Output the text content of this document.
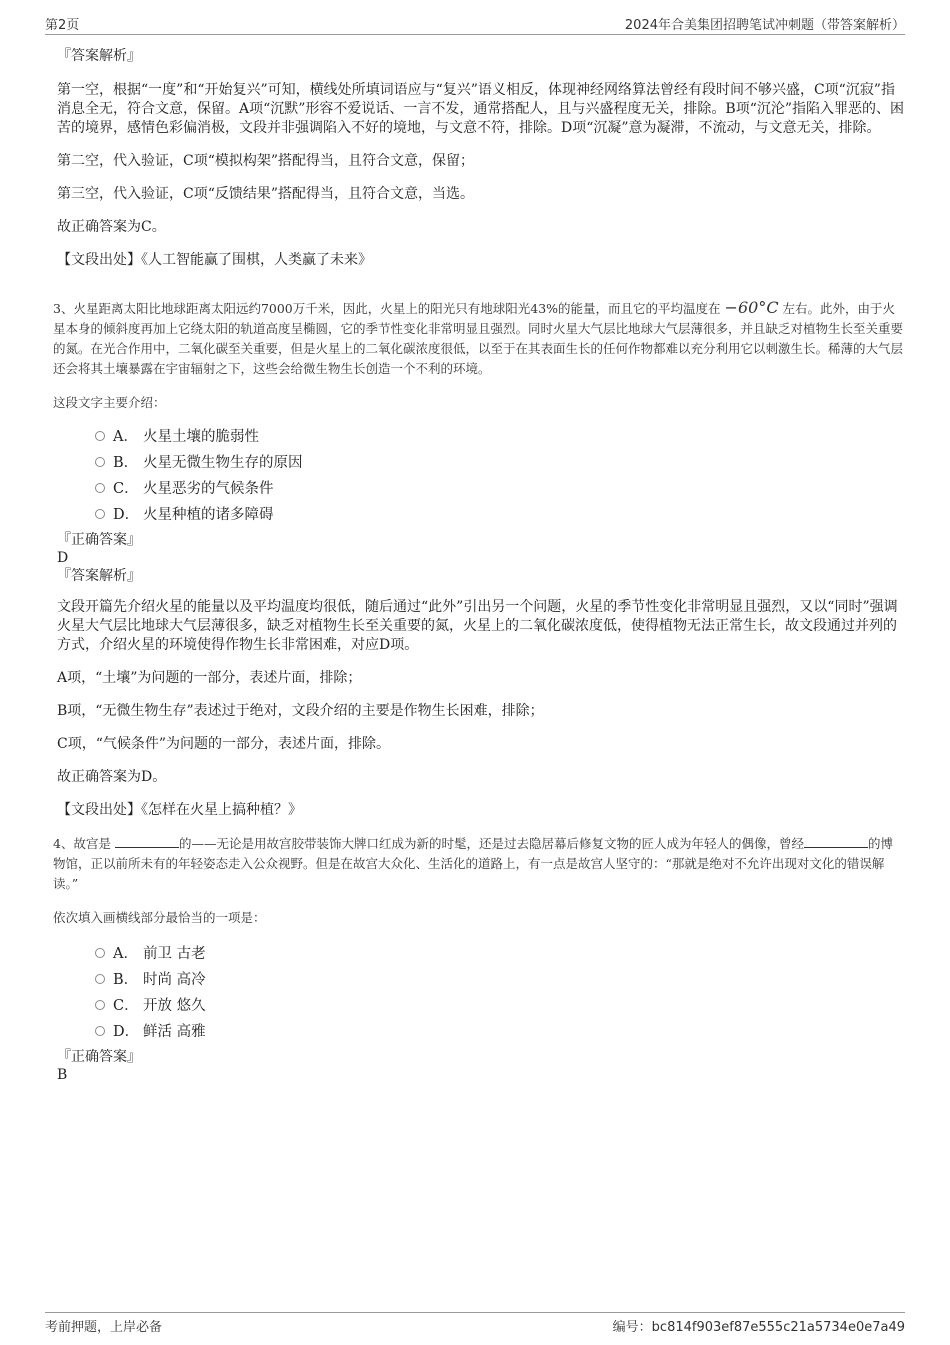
第2页	2024年合美集团招聘笔试冲刺题（带答案解析）
『答案解析』
第一空，根据“一度”和“开始复兴”可知，横线处所填词语应与“复兴”语义相反，体现神经网络算法曾经有段时间不够兴盛，C项“沉寂”指消息全无，符合文意，保留。A项“沉默”形容不爱说话、一言不发，通常搭配人，且与兴盛程度无关，排除。B项“沉沦”指陷入罪恶的、困苦的境界，感情色彩偏消极，文段并非强调陷入不好的境地，与文意不符，排除。D项“沉凝”意为凝滞，不流动，与文意无关，排除。
第二空，代入验证，C项“模拟构架”搭配得当，且符合文意，保留；
第三空，代入验证，C项“反馈结果”搭配得当，且符合文意，当选。
故正确答案为C。
【文段出处】《人工智能赢了围棋，人类赢了未来》
3、火星距离太阳比地球距离太阳远约7000万千米，因此，火星上的阳光只有地球阳光43%的能量，而且它的平均温度在 −60°C 左右。此外，由于火星本身的倾斜度再加上它绕太阳的轨道高度呈椭圆，它的季节性变化非常明显且强烈。同时火星大气层比地球大气层薄很多，并且缺乏对植物生长至关重要的氮。在光合作用中，二氧化碳至关重要，但是火星上的二氧化碳浓度很低，以至于在其表面生长的任何作物都难以充分利用它以刺激生长。稀薄的大气层还会将其土壤暴露在宇宙辐射之下，这些会给微生物生长创造一个不利的环境。
这段文字主要介绍：
A． 火星土壤的脆弱性
B． 火星无微生物生存的原因
C． 火星恶劣的气候条件
D． 火星种植的诸多障碍
『正确答案』
D
『答案解析』
文段开篇先介绍火星的能量以及平均温度均很低，随后通过“此外”引出另一个问题，火星的季节性变化非常明显且强烈，又以“同时”强调火星大气层比地球大气层薄很多，缺乏对植物生长至关重要的氮，火星上的二氧化碳浓度低，使得植物无法正常生长，故文段通过并列的方式，介绍火星的环境使得作物生长非常困难，对应D项。
A项，“土壤”为问题的一部分，表述片面，排除；
B项，“无微生物生存”表述过于绝对，文段介绍的主要是作物生长困难，排除；
C项，“气候条件”为问题的一部分，表述片面，排除。
故正确答案为D。
【文段出处】《怎样在火星上搞种植？》
4、故宫是	的——无论是用故宫胶带装饰大牌口红成为新的时髦，还是过去隐居幕后修复文物的匠人成为年轻人的偶像，曾经	的博物馆，正以前所未有的年轻姿态走入公众视野。但是在故宫大众化、生活化的道路上，有一点是故宫人坚守的：“那就是绝对不允许出现对文化的错误解读。”
依次填入画横线部分最恰当的一项是：
A． 前卫 古老
B． 时尚 高冷
C． 开放 悠久
D． 鲜活 高雅
『正确答案』
B
考前押题，上岸必备	编号：bc814f903ef87e555c21a5734e0e7a49
